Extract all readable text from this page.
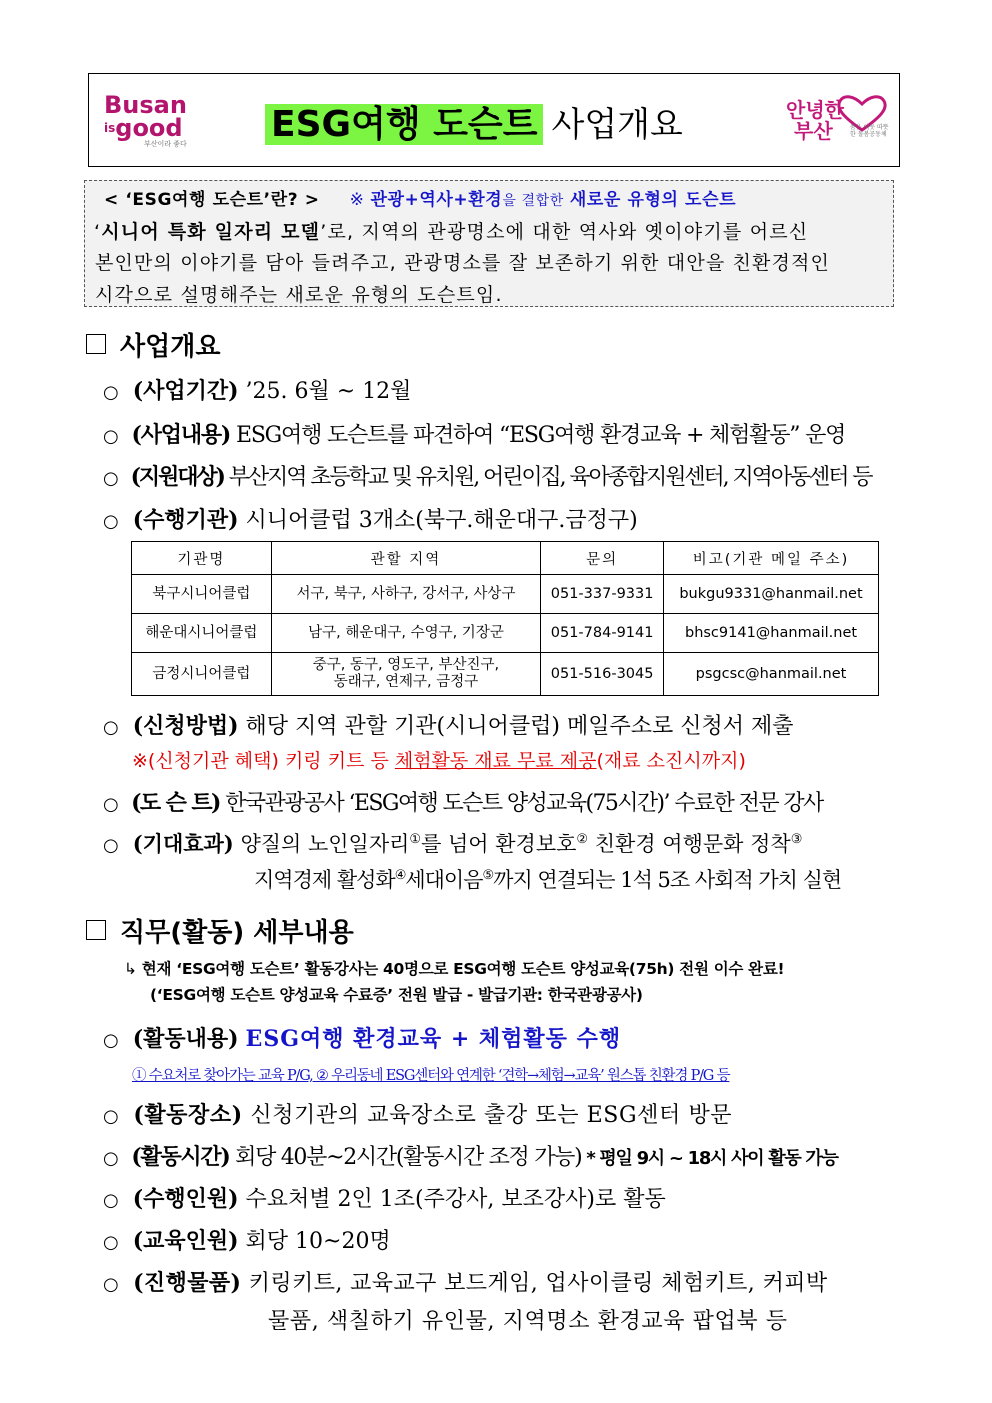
Busan
$^{is}$good
부산이라 좋다 ESG여행 도슨트 사업개요	안녕한
부산	품은 이웃 따뜻한 돌봄공동체
< ‘ESG여행 도슨트’란? > ※ 관광+역사+환경을 결합한 새로운 유형의 도슨트
‘시니어 특화 일자리 모델’로, 지역의 관광명소에 대한 역사와 옛이야기를 어르신
본인만의 이야기를 담아 들려주고, 관광명소를 잘 보존하기 위한 대안을 친환경적인
시각으로 설명해주는 새로운 유형의 도슨트임.
사업개요
○ (사업기간) ’25. 6월 ~ 12월
○ (사업내용) ESG여행 도슨트를 파견하여 “ESG여행 환경교육 + 체험활동” 운영
○ (지원대상) 부산지역 초등학교 및 유치원, 어린이집, 육아종합지원센터, 지역아동센터 등
○ (수행기관) 시니어클럽 3개소(북구.해운대구.금정구)
기관명	관할 지역	문의	비고(기관 메일 주소)
북구시니어클럽	서구, 북구, 사하구, 강서구, 사상구	051-337-9331	bukgu9331@hanmail.net
해운대시니어클럽	남구, 해운대구, 수영구, 기장군	051-784-9141	bhsc9141@hanmail.net
금정시니어클럽	중구, 동구, 영도구, 부산진구,
동래구, 연제구, 금정구	051-516-3045	psgcsc@hanmail.net
○ (신청방법) 해당 지역 관할 기관(시니어클럽) 메일주소로 신청서 제출
※(신청기관 혜택) 키링 키트 등 체험활동 재료 무료 제공(재료 소진시까지)
○ (도 슨 트) 한국관광공사 ‘ESG여행 도슨트 양성교육(75시간)’ 수료한 전문 강사
○ (기대효과) 양질의 노인일자리①를 넘어 환경보호② 친환경 여행문화 정착③
지역경제 활성화④세대이음⑤까지 연결되는 1석 5조 사회적 가치 실현
직무(활동) 세부내용
↳ 현재 ‘ESG여행 도슨트’ 활동강사는 40명으로 ESG여행 도슨트 양성교육(75h) 전원 이수 완료!
(‘ESG여행 도슨트 양성교육 수료증’ 전원 발급 - 발급기관: 한국관광공사)
○ (활동내용) ESG여행 환경교육 + 체험활동 수행
① 수요처로 찾아가는 교육 P/G, ② 우리동네 ESG센터와 연계한 ‘견학→체험→교육’ 원스톱 친환경 P/G 등
○ (활동장소) 신청기관의 교육장소로 출강 또는 ESG센터 방문
○ (활동시간) 회당 40분~2시간(활동시간 조정 가능) * 평일 9시 ~ 18시 사이 활동 가능
○ (수행인원) 수요처별 2인 1조(주강사, 보조강사)로 활동
○ (교육인원) 회당 10~20명
○ (진행물품) 키링키트, 교육교구 보드게임, 업사이클링 체험키트, 커피박
물품, 색칠하기 유인물, 지역명소 환경교육 팝업북 등
